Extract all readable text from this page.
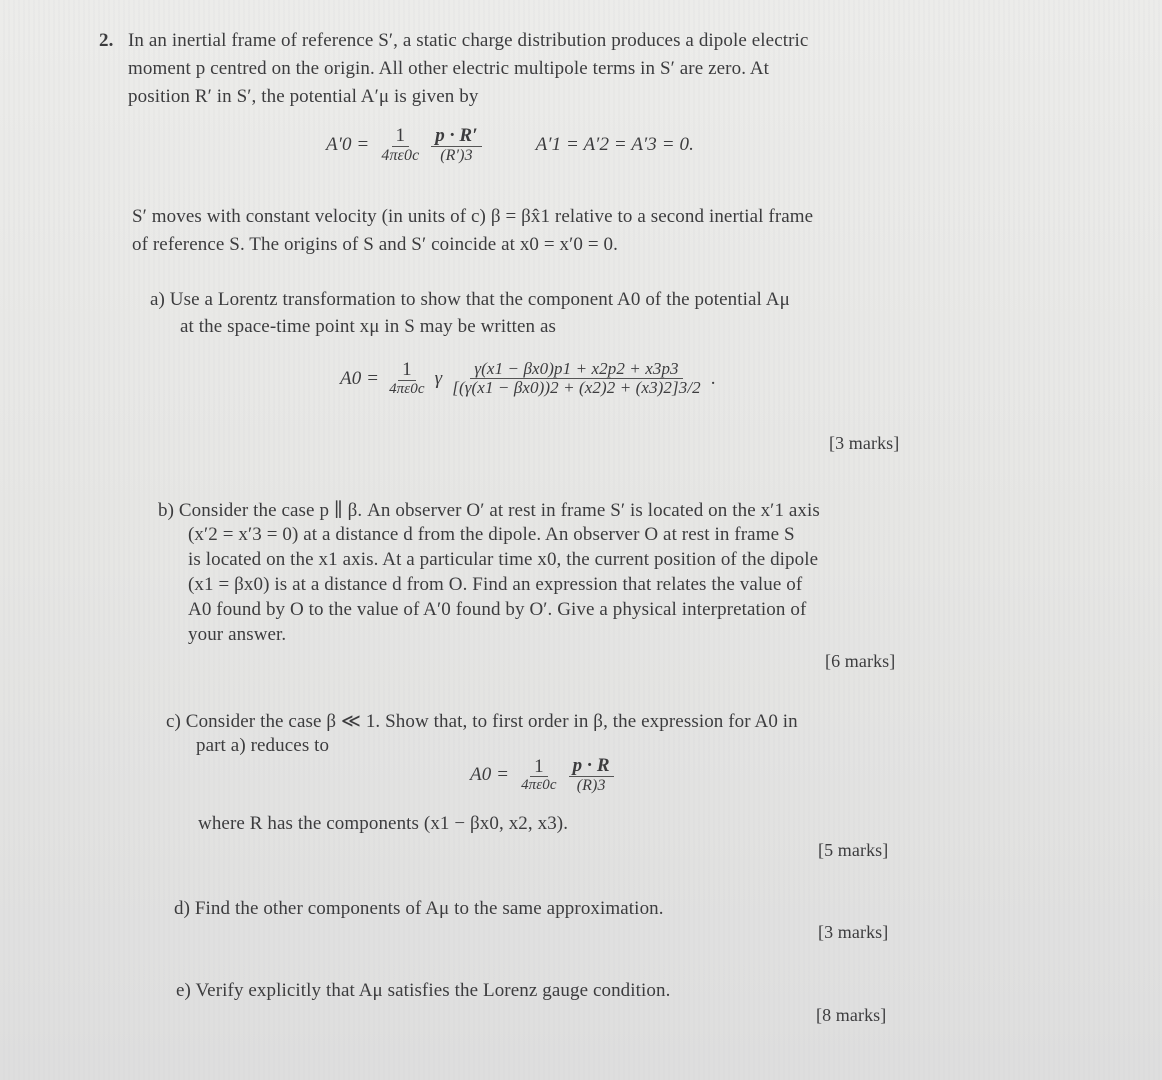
2. In an inertial frame of reference S′, a static charge distribution produces a dipole electric
moment p centred on the origin. All other electric multipole terms in S′ are zero. At
position R′ in S′, the potential A′μ is given by
$A'0 = \frac{1}{4\pi\varepsilon 0c} \frac{p \cdot R'}{(R')3}$	A′1 = A′2 = A′3 = 0.
S′ moves with constant velocity (in units of c) β = βx̂1 relative to a second inertial frame
of reference S. The origins of S and S′ coincide at x0 = x′0 = 0.
a) Use a Lorentz transformation to show that the component A0 of the potential Aμ
at the space-time point xμ in S may be written as
$A0 = \frac{1}{4\pi\varepsilon 0c}$ γ $\frac{\gamma(x1 - \beta x0)p1 + x2p2 + x3p3}{[(\gamma(x1 - \beta x0))2 + (x2)2 + (x3)2]3/2}$ .
[3 marks]
b) Consider the case p ∥ β. An observer O′ at rest in frame S′ is located on the x′1 axis
(x′2 = x′3 = 0) at a distance d from the dipole. An observer O at rest in frame S
is located on the x1 axis. At a particular time x0, the current position of the dipole
(x1 = βx0) is at a distance d from O. Find an expression that relates the value of
A0 found by O to the value of A′0 found by O′. Give a physical interpretation of
your answer.
[6 marks]
c) Consider the case β ≪ 1. Show that, to first order in β, the expression for A0 in
part a) reduces to
$A0 = \frac{1}{4\pi\varepsilon 0c} \frac{p \cdot R}{(R)3}$
where R has the components (x1 − βx0, x2, x3).
[5 marks]
d) Find the other components of Aμ to the same approximation.
[3 marks]
e) Verify explicitly that Aμ satisfies the Lorenz gauge condition.
[8 marks]
